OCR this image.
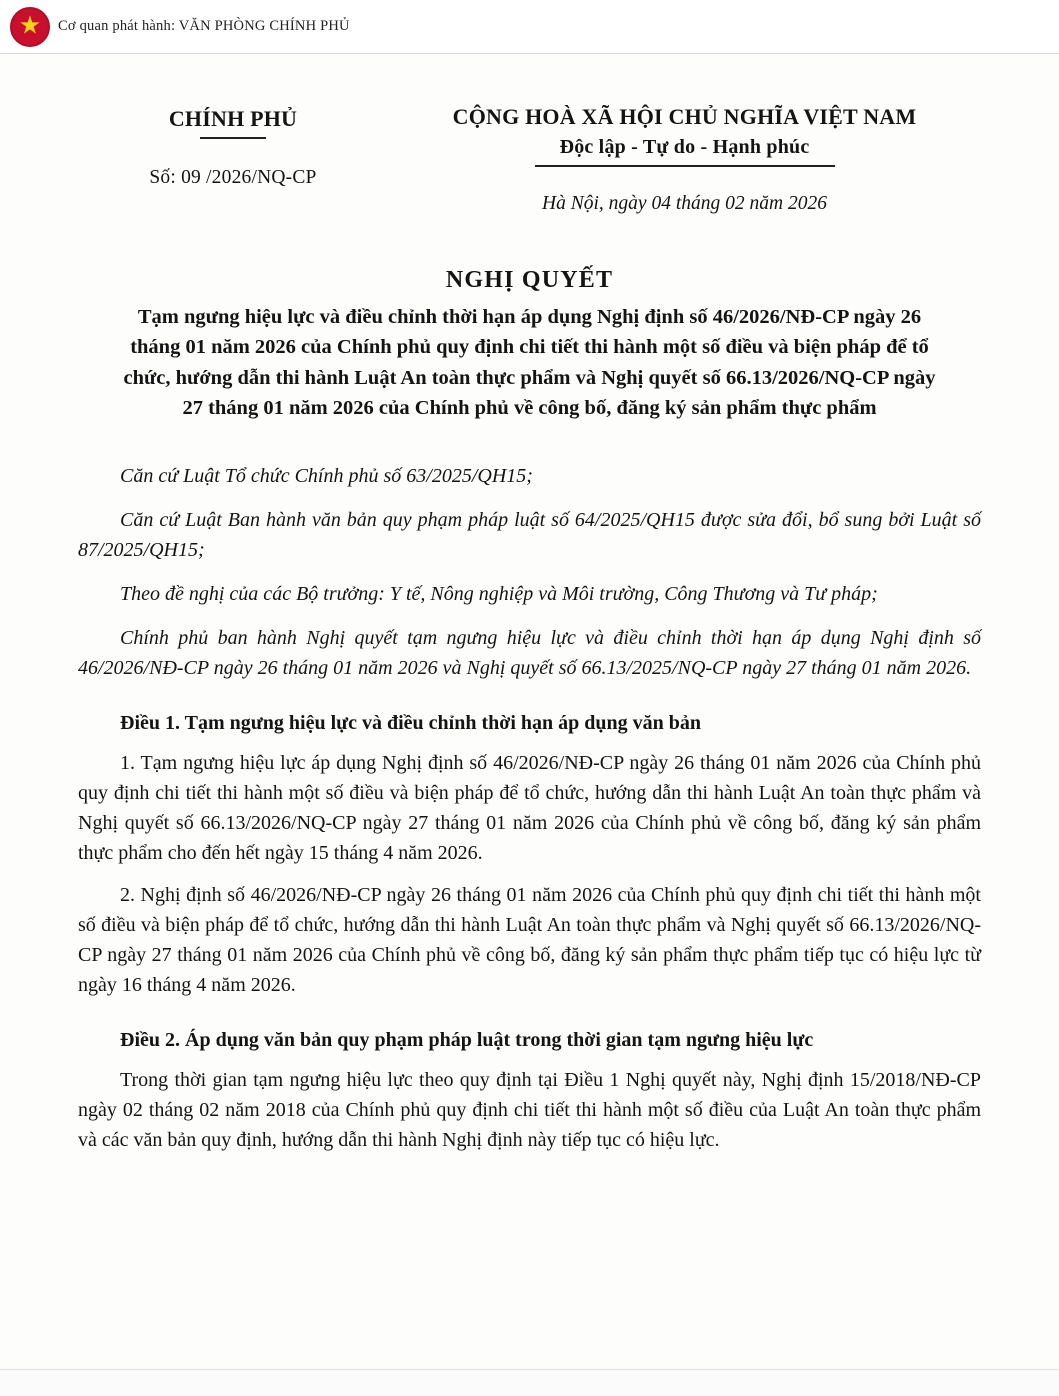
★ Cơ quan phát hành: VĂN PHÒNG CHÍNH PHỦ
CHÍNH PHỦ
Số: 09 /2026/NQ-CP
CỘNG HOÀ XÃ HỘI CHỦ NGHĨA VIỆT NAM
Độc lập - Tự do - Hạnh phúc
Hà Nội, ngày 04 tháng 02 năm 2026
NGHỊ QUYẾT
Tạm ngưng hiệu lực và điều chỉnh thời hạn áp dụng Nghị định số 46/2026/NĐ-CP ngày 26 tháng 01 năm 2026 của Chính phủ quy định chi tiết thi hành một số điều và biện pháp để tổ chức, hướng dẫn thi hành Luật An toàn thực phẩm và Nghị quyết số 66.13/2026/NQ-CP ngày 27 tháng 01 năm 2026 của Chính phủ về công bố, đăng ký sản phẩm thực phẩm

Căn cứ Luật Tổ chức Chính phủ số 63/2025/QH15;

Căn cứ Luật Ban hành văn bản quy phạm pháp luật số 64/2025/QH15 được sửa đổi, bổ sung bởi Luật số 87/2025/QH15;

Theo đề nghị của các Bộ trưởng: Y tế, Nông nghiệp và Môi trường, Công Thương và Tư pháp;

Chính phủ ban hành Nghị quyết tạm ngưng hiệu lực và điều chỉnh thời hạn áp dụng Nghị định số 46/2026/NĐ-CP ngày 26 tháng 01 năm 2026 và Nghị quyết số 66.13/2025/NQ-CP ngày 27 tháng 01 năm 2026.

Điều 1. Tạm ngưng hiệu lực và điều chỉnh thời hạn áp dụng văn bản

1. Tạm ngưng hiệu lực áp dụng Nghị định số 46/2026/NĐ-CP ngày 26 tháng 01 năm 2026 của Chính phủ quy định chi tiết thi hành một số điều và biện pháp để tổ chức, hướng dẫn thi hành Luật An toàn thực phẩm và Nghị quyết số 66.13/2026/NQ-CP ngày 27 tháng 01 năm 2026 của Chính phủ về công bố, đăng ký sản phẩm thực phẩm cho đến hết ngày 15 tháng 4 năm 2026.

2. Nghị định số 46/2026/NĐ-CP ngày 26 tháng 01 năm 2026 của Chính phủ quy định chi tiết thi hành một số điều và biện pháp để tổ chức, hướng dẫn thi hành Luật An toàn thực phẩm và Nghị quyết số 66.13/2026/NQ-CP ngày 27 tháng 01 năm 2026 của Chính phủ về công bố, đăng ký sản phẩm thực phẩm tiếp tục có hiệu lực từ ngày 16 tháng 4 năm 2026.

Điều 2. Áp dụng văn bản quy phạm pháp luật trong thời gian tạm ngưng hiệu lực

Trong thời gian tạm ngưng hiệu lực theo quy định tại Điều 1 Nghị quyết này, Nghị định 15/2018/NĐ-CP ngày 02 tháng 02 năm 2018 của Chính phủ quy định chi tiết thi hành một số điều của Luật An toàn thực phẩm và các văn bản quy định, hướng dẫn thi hành Nghị định này tiếp tục có hiệu lực.
